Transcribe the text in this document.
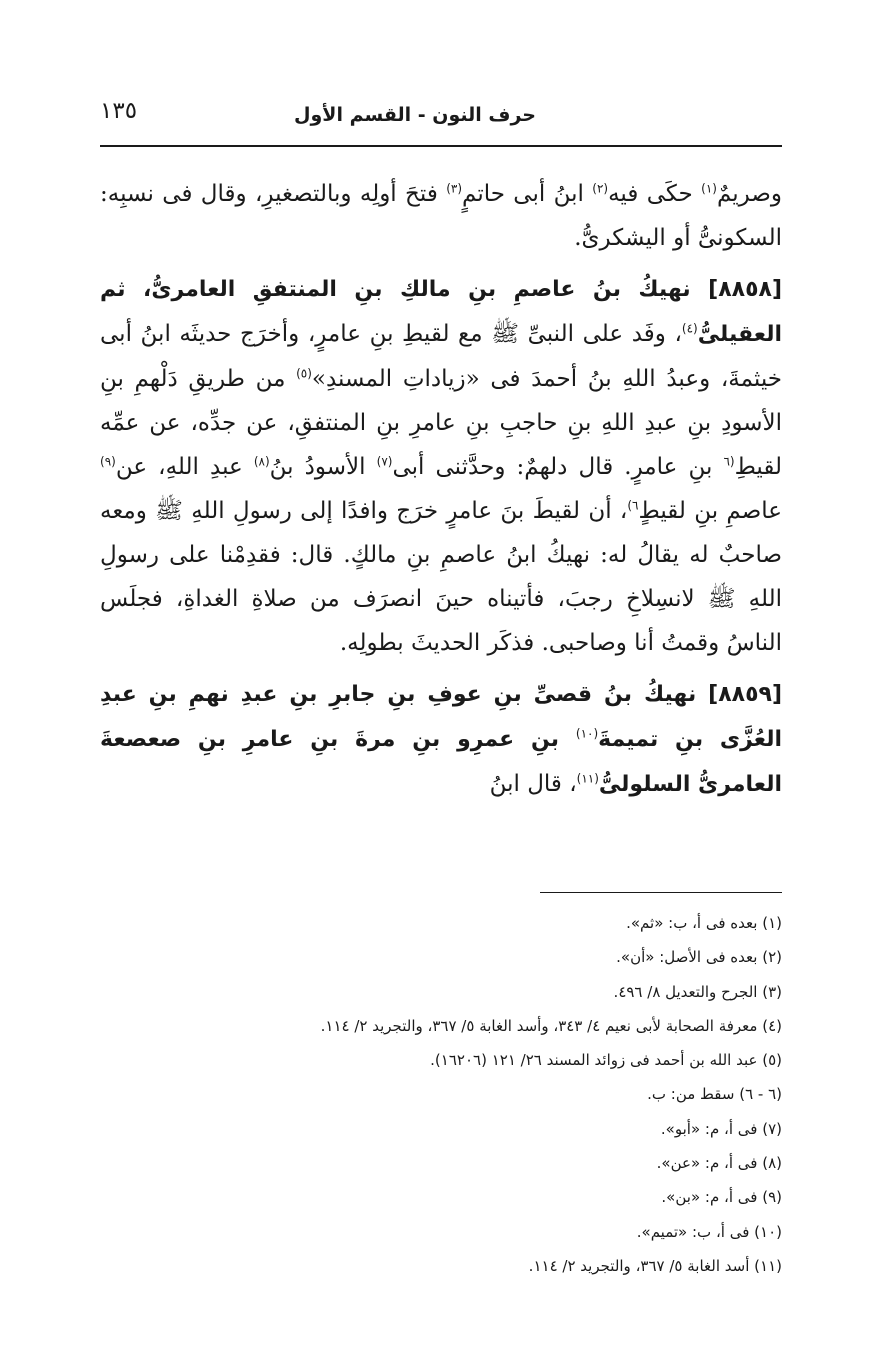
حرف النون - القسم الأول
١٣٥

وصريمٌ$^{(١)}$ حكَى فيه$^{(٢)}$ ابنُ أبى حاتمٍ$^{(٣)}$ فتحَ أولِه وبالتصغيرِ، وقال فى نسبِه: السكونىُّ أو اليشكرىُّ.

[٨٨٥٨] نهيكُ بنُ عاصمِ بنِ مالكِ بنِ المنتفقِ العامرىُّ، ثم العقيلىُّ$^{(٤)}$، وفَد على النبىِّ ﷺ مع لقيطِ بنِ عامرٍ، وأخرَج حديثَه ابنُ أبى خيثمةَ، وعبدُ اللهِ بنُ أحمدَ فى «زياداتِ المسندِ»$^{(٥)}$ من طريقِ دَلْهمِ بنِ الأسودِ بنِ عبدِ اللهِ بنِ حاجبِ بنِ عامرِ بنِ المنتفقِ، عن جدِّه، عن عمِّه لقيطِ$^{(٦}$ بنِ عامرٍ. قال دلهمٌ: وحدَّثنى أبى$^{(٧)}$ الأسودُ بنُ$^{(٨)}$ عبدِ اللهِ، عن$^{(٩)}$ عاصمِ بنِ لقيطٍ$^{٦)}$، أن لقيطَ بنَ عامرٍ خرَج وافدًا إلى رسولِ اللهِ ﷺ ومعه صاحبٌ له يقالُ له: نهيكُ ابنُ عاصمِ بنِ مالكٍ. قال: فقدِمْنا على رسولِ اللهِ ﷺ لانسِلاخِ رجبَ، فأتيناه حينَ انصرَف من صلاةِ الغداةِ، فجلَس الناسُ وقمتُ أنا وصاحبى. فذكَر الحديثَ بطولِه.

[٨٨٥٩] نهيكُ بنُ قصىِّ بنِ عوفِ بنِ جابرِ بنِ عبدِ نهمِ بنِ عبدِ العُزَّى بنِ تميمةَ$^{(١٠)}$ بنِ عمرِو بنِ مرةَ بنِ عامرِ بنِ صعصعةَ العامرىُّ السلولىُّ$^{(١١)}$، قال ابنُ

(١) بعده فى أ، ب: «ثم».
(٢) بعده فى الأصل: «أن».
(٣) الجرح والتعديل ٨/ ٤٩٦.
(٤) معرفة الصحابة لأبى نعيم ٤/ ٣٤٣، وأسد الغابة ٥/ ٣٦٧، والتجريد ٢/ ١١٤.
(٥) عبد الله بن أحمد فى زوائد المسند ٢٦/ ١٢١ (١٦٢٠٦).
(٦ - ٦) سقط من: ب.
(٧) فى أ، م: «أبو».
(٨) فى أ، م: «عن».
(٩) فى أ، م: «بن».
(١٠) فى أ، ب: «تميم».
(١١) أسد الغابة ٥/ ٣٦٧، والتجريد ٢/ ١١٤.
